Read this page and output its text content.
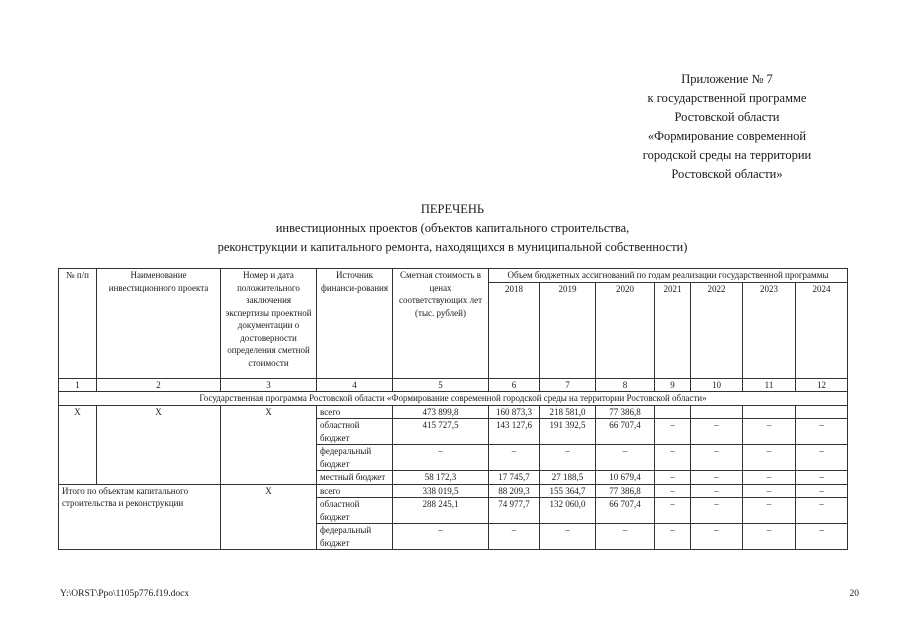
Приложение № 7
к государственной программе
Ростовской области
«Формирование современной
городской среды на территории
Ростовской области»
ПЕРЕЧЕНЬ
инвестиционных проектов (объектов капитального строительства,
реконструкции и капитального ремонта, находящихся в муниципальной собственности)
№ п/п	Наименование инвестиционного проекта	Номер и дата положительного заключения экспертизы проектной документации о достоверности определения сметной стоимости	Источник финанси-рования	Сметная стоимость в ценах соответствующих лет (тыс. рублей)	Объем бюджетных ассигнований по годам реализации государственной программы						
					2018	2019	2020	2021	2022	2023	2024
1	2	3	4	5	6	7	8	9	10	11	12
Государственная программа Ростовской области «Формирование современной городской среды на территории Ростовской области»											
Х	Х	Х	всего	473 899,8	160 873,3	218 581,0	77 386,8				
			областной бюджет	415 727,5	143 127,6	191 392,5	66 707,4	–	–	–	–
			федеральный бюджет	–	–	–	–	–	–	–	–
			местный бюджет	58 172,3	17 745,7	27 188,5	10 679,4	–	–	–	–
Итого по объектам капитального строительства и реконструкции		Х	всего	338 019,5	88 209,3	155 364,7	77 386,8	–	–	–	–
			областной бюджет	288 245,1	74 977,7	132 060,0	66 707,4	–	–	–	–
			федеральный бюджет	–	–	–	–	–	–	–	–
Y:\ORST\Ppo\1105p776.f19.docx	20
